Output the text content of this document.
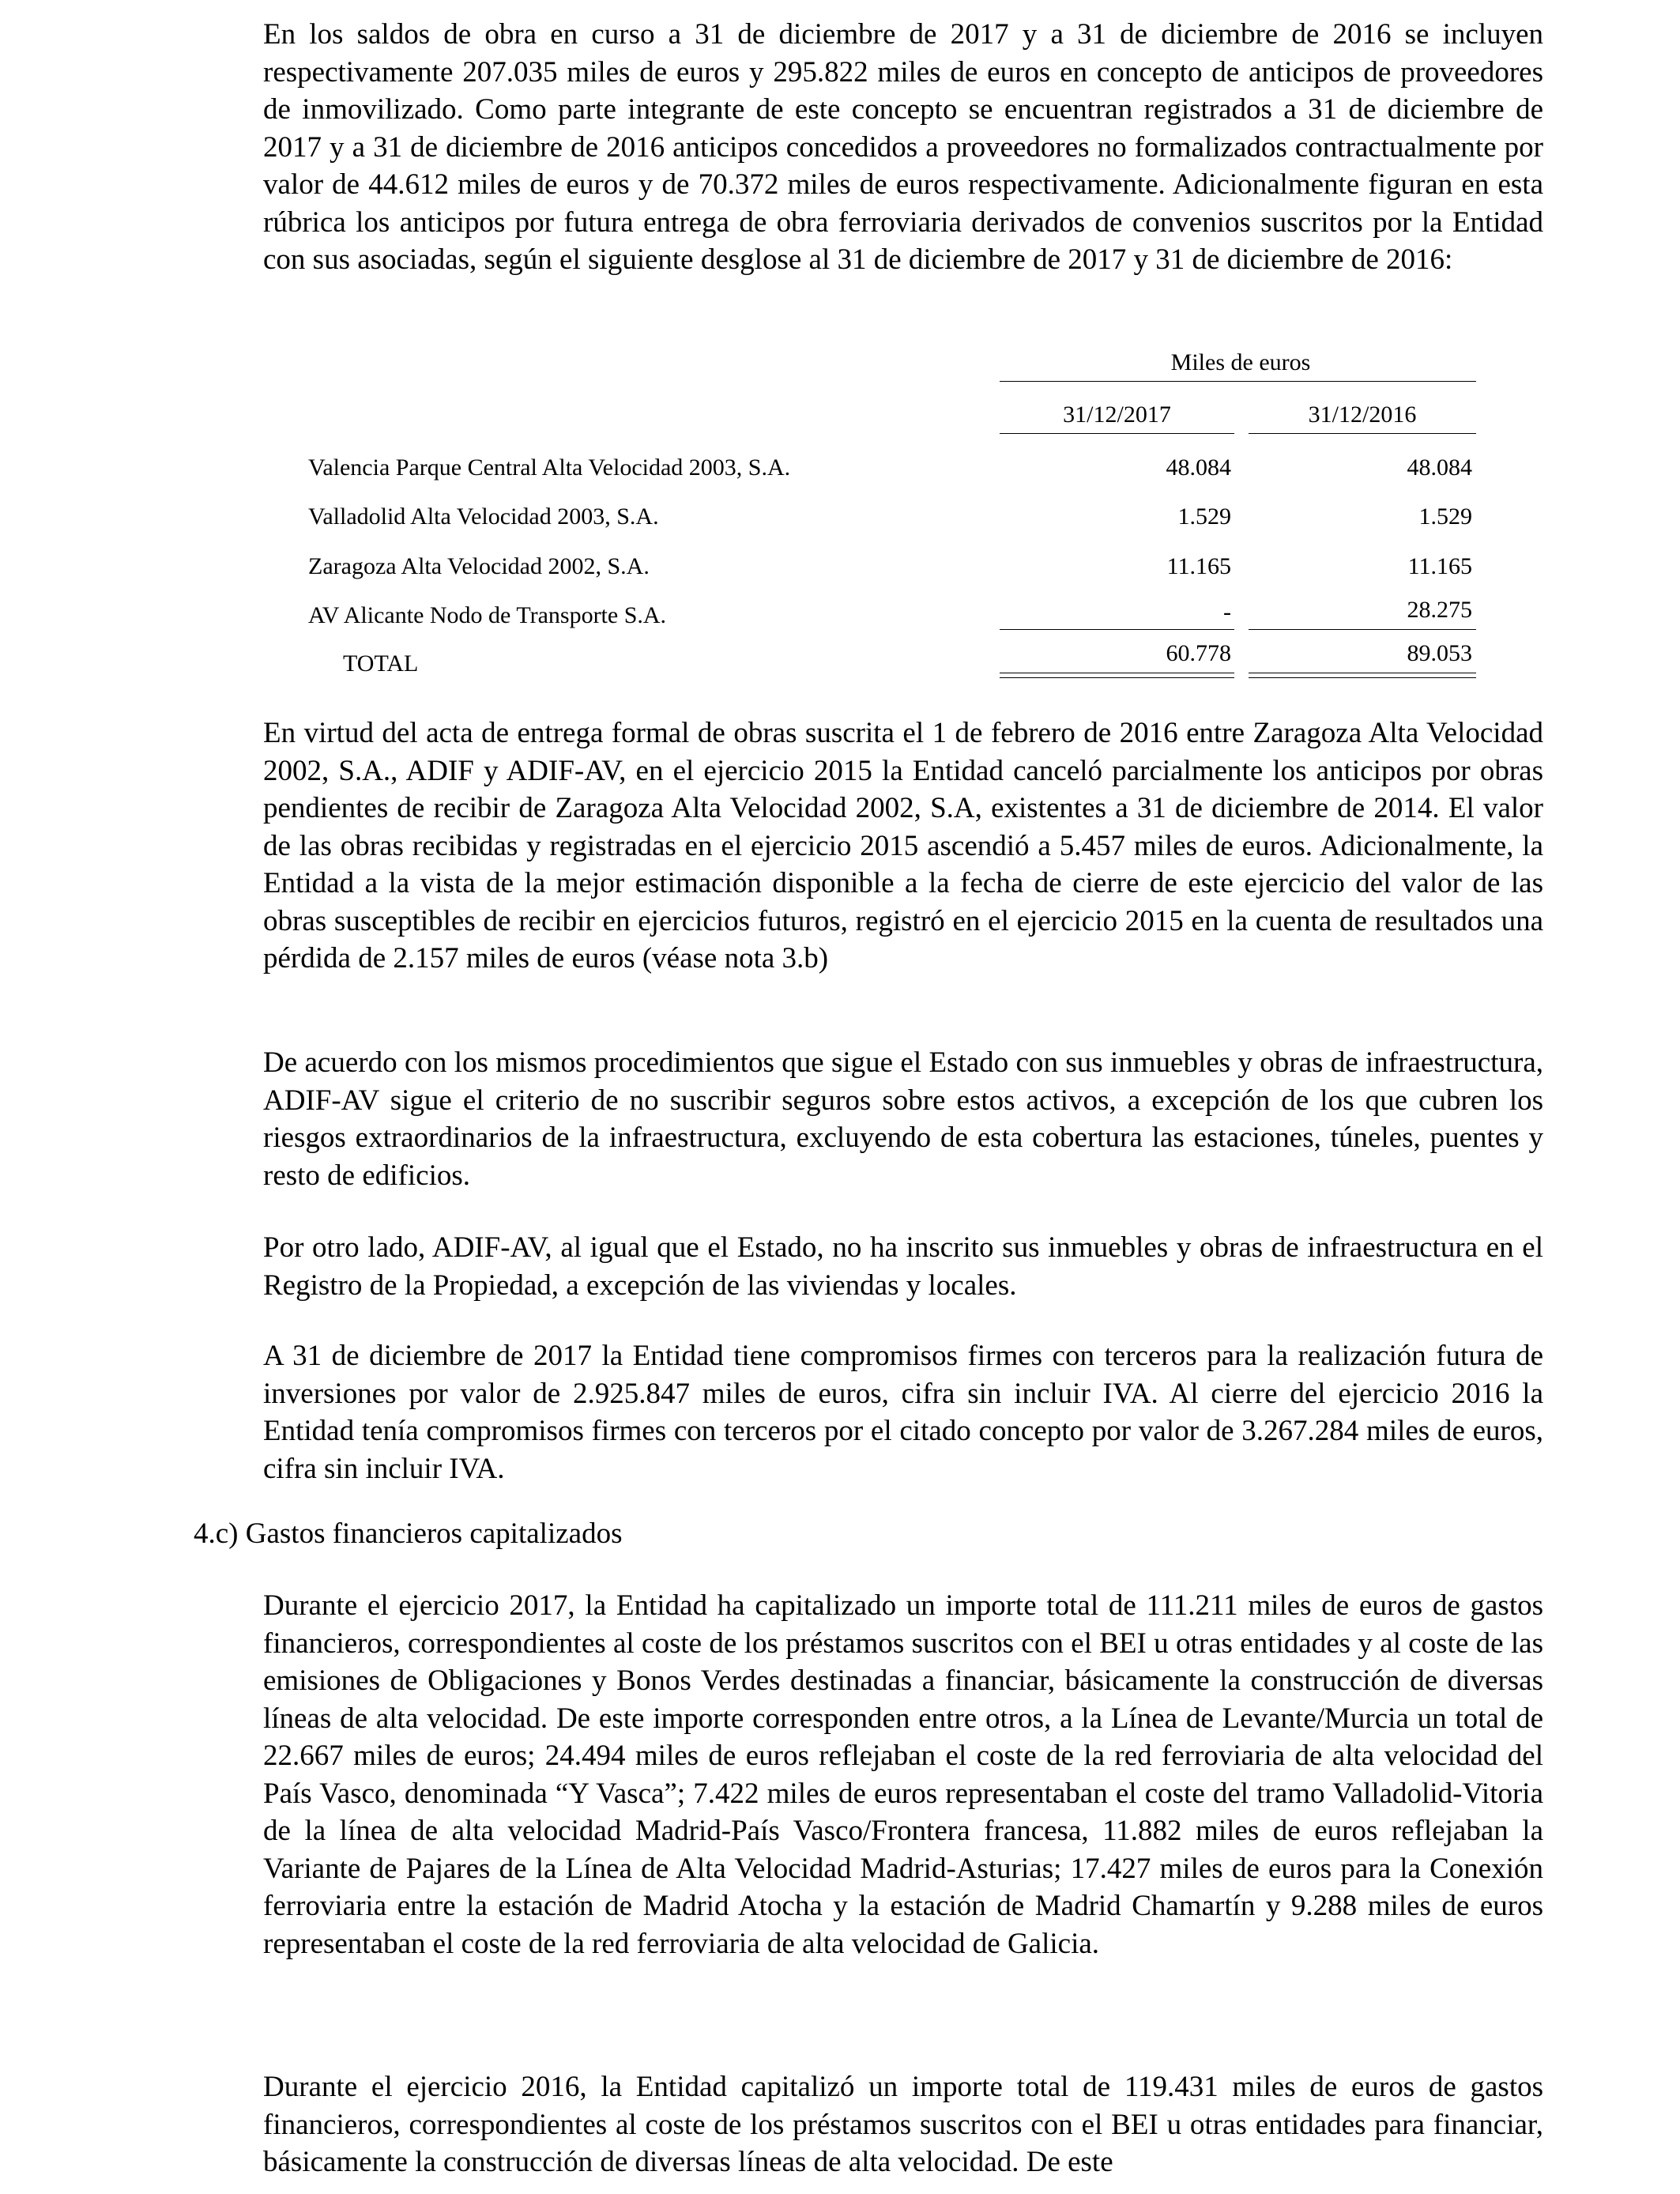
En los saldos de obra en curso a 31 de diciembre de 2017 y a 31 de diciembre de 2016 se incluyen respectivamente 207.035 miles de euros y 295.822 miles de euros en concepto de anticipos de proveedores de inmovilizado. Como parte integrante de este concepto se encuentran registrados a 31 de diciembre de 2017 y a 31 de diciembre de 2016 anticipos concedidos a proveedores no formalizados contractualmente por valor de 44.612 miles de euros y de 70.372 miles de euros respectivamente. Adicionalmente figuran en esta rúbrica los anticipos por futura entrega de obra ferroviaria derivados de convenios suscritos por la Entidad con sus asociadas, según el siguiente desglose al 31 de diciembre de 2017 y 31 de diciembre de 2016:

Miles de euros
31/12/2017	31/12/2016
Valencia Parque Central Alta Velocidad 2003, S.A.	48.084	48.084
Valladolid Alta Velocidad 2003, S.A.	1.529	1.529
Zaragoza Alta Velocidad 2002, S.A.	11.165	11.165
AV Alicante Nodo de Transporte S.A.	-	28.275
TOTAL	60.778	89.053

En virtud del acta de entrega formal de obras suscrita el 1 de febrero de 2016 entre Zaragoza Alta Velocidad 2002, S.A., ADIF y ADIF-AV, en el ejercicio 2015 la Entidad canceló parcialmente los anticipos por obras pendientes de recibir de Zaragoza Alta Velocidad 2002, S.A, existentes a 31 de diciembre de 2014. El valor de las obras recibidas y registradas en el ejercicio 2015 ascendió a 5.457 miles de euros. Adicionalmente, la Entidad a la vista de la mejor estimación disponible a la fecha de cierre de este ejercicio del valor de las obras susceptibles de recibir en ejercicios futuros, registró en el ejercicio 2015 en la cuenta de resultados una pérdida de 2.157 miles de euros (véase nota 3.b)

De acuerdo con los mismos procedimientos que sigue el Estado con sus inmuebles y obras de infraestructura, ADIF-AV sigue el criterio de no suscribir seguros sobre estos activos, a excepción de los que cubren los riesgos extraordinarios de la infraestructura, excluyendo de esta cobertura las estaciones, túneles, puentes y resto de edificios.

Por otro lado, ADIF-AV, al igual que el Estado, no ha inscrito sus inmuebles y obras de infraestructura en el Registro de la Propiedad, a excepción de las viviendas y locales.

A 31 de diciembre de 2017 la Entidad tiene compromisos firmes con terceros para la realización futura de inversiones por valor de 2.925.847 miles de euros, cifra sin incluir IVA. Al cierre del ejercicio 2016 la Entidad tenía compromisos firmes con terceros por el citado concepto por valor de 3.267.284 miles de euros, cifra sin incluir IVA.

4.c) Gastos financieros capitalizados

Durante el ejercicio 2017, la Entidad ha capitalizado un importe total de 111.211 miles de euros de gastos financieros, correspondientes al coste de los préstamos suscritos con el BEI u otras entidades y al coste de las emisiones de Obligaciones y Bonos Verdes destinadas a financiar, básicamente la construcción de diversas líneas de alta velocidad. De este importe corresponden entre otros, a la Línea de Levante/Murcia un total de 22.667 miles de euros; 24.494 miles de euros reflejaban el coste de la red ferroviaria de alta velocidad del País Vasco, denominada “Y Vasca”; 7.422 miles de euros representaban el coste del tramo Valladolid-Vitoria de la línea de alta velocidad Madrid-País Vasco/Frontera francesa, 11.882 miles de euros reflejaban la Variante de Pajares de la Línea de Alta Velocidad Madrid-Asturias; 17.427 miles de euros para la Conexión ferroviaria entre la estación de Madrid Atocha y la estación de Madrid Chamartín y 9.288 miles de euros representaban el coste de la red ferroviaria de alta velocidad de Galicia.

Durante el ejercicio 2016, la Entidad capitalizó un importe total de 119.431 miles de euros de gastos financieros, correspondientes al coste de los préstamos suscritos con el BEI u otras entidades para financiar, básicamente la construcción de diversas líneas de alta velocidad. De este
